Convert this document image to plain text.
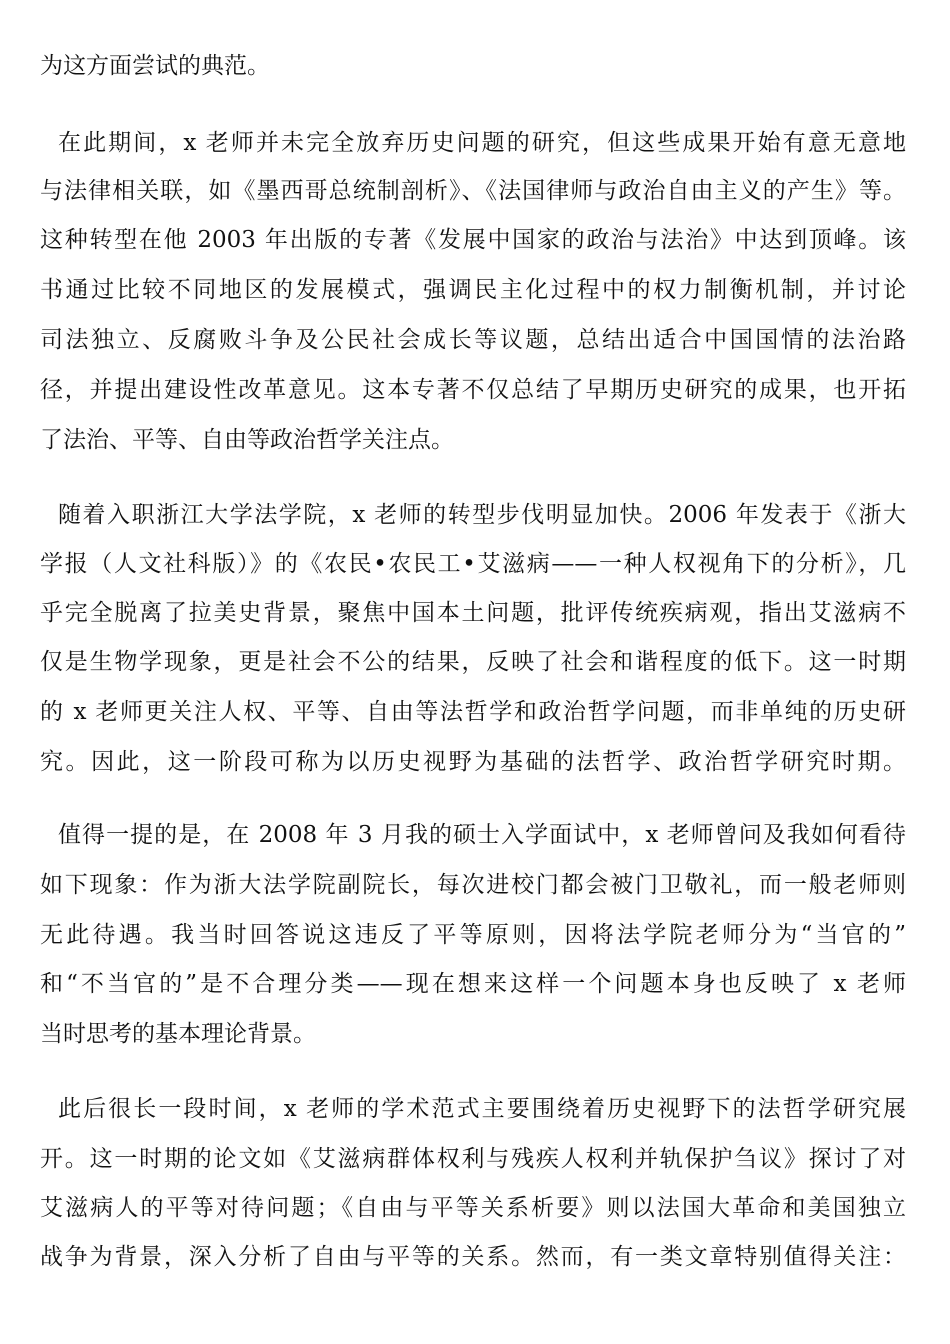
为这方面尝试的典范。
在此期间，x 老师并未完全放弃历史问题的研究，但这些成果开始有意无意地
与法律相关联，如《墨西哥总统制剖析》、《法国律师与政治自由主义的产生》等。
这种转型在他 2003 年出版的专著《发展中国家的政治与法治》中达到顶峰。该
书通过比较不同地区的发展模式，强调民主化过程中的权力制衡机制，并讨论
司法独立、反腐败斗争及公民社会成长等议题，总结出适合中国国情的法治路
径，并提出建设性改革意见。这本专著不仅总结了早期历史研究的成果，也开拓
了法治、平等、自由等政治哲学关注点。
随着入职浙江大学法学院，x 老师的转型步伐明显加快。2006 年发表于《浙大
学报（人文社科版）》的《农民•农民工•艾滋病——一种人权视角下的分析》，几
乎完全脱离了拉美史背景，聚焦中国本土问题，批评传统疾病观，指出艾滋病不
仅是生物学现象，更是社会不公的结果，反映了社会和谐程度的低下。这一时期
的 x 老师更关注人权、平等、自由等法哲学和政治哲学问题，而非单纯的历史研
究。因此，这一阶段可称为以历史视野为基础的法哲学、政治哲学研究时期。
值得一提的是，在 2008 年 3 月我的硕士入学面试中，x 老师曾问及我如何看待
如下现象：作为浙大法学院副院长，每次进校门都会被门卫敬礼，而一般老师则
无此待遇。我当时回答说这违反了平等原则，因将法学院老师分为“当官的”
和“不当官的”是不合理分类——现在想来这样一个问题本身也反映了 x 老师
当时思考的基本理论背景。
此后很长一段时间，x 老师的学术范式主要围绕着历史视野下的法哲学研究展
开。这一时期的论文如《艾滋病群体权利与残疾人权利并轨保护刍议》探讨了对
艾滋病人的平等对待问题；《自由与平等关系析要》则以法国大革命和美国独立
战争为背景，深入分析了自由与平等的关系。然而，有一类文章特别值得关注：
